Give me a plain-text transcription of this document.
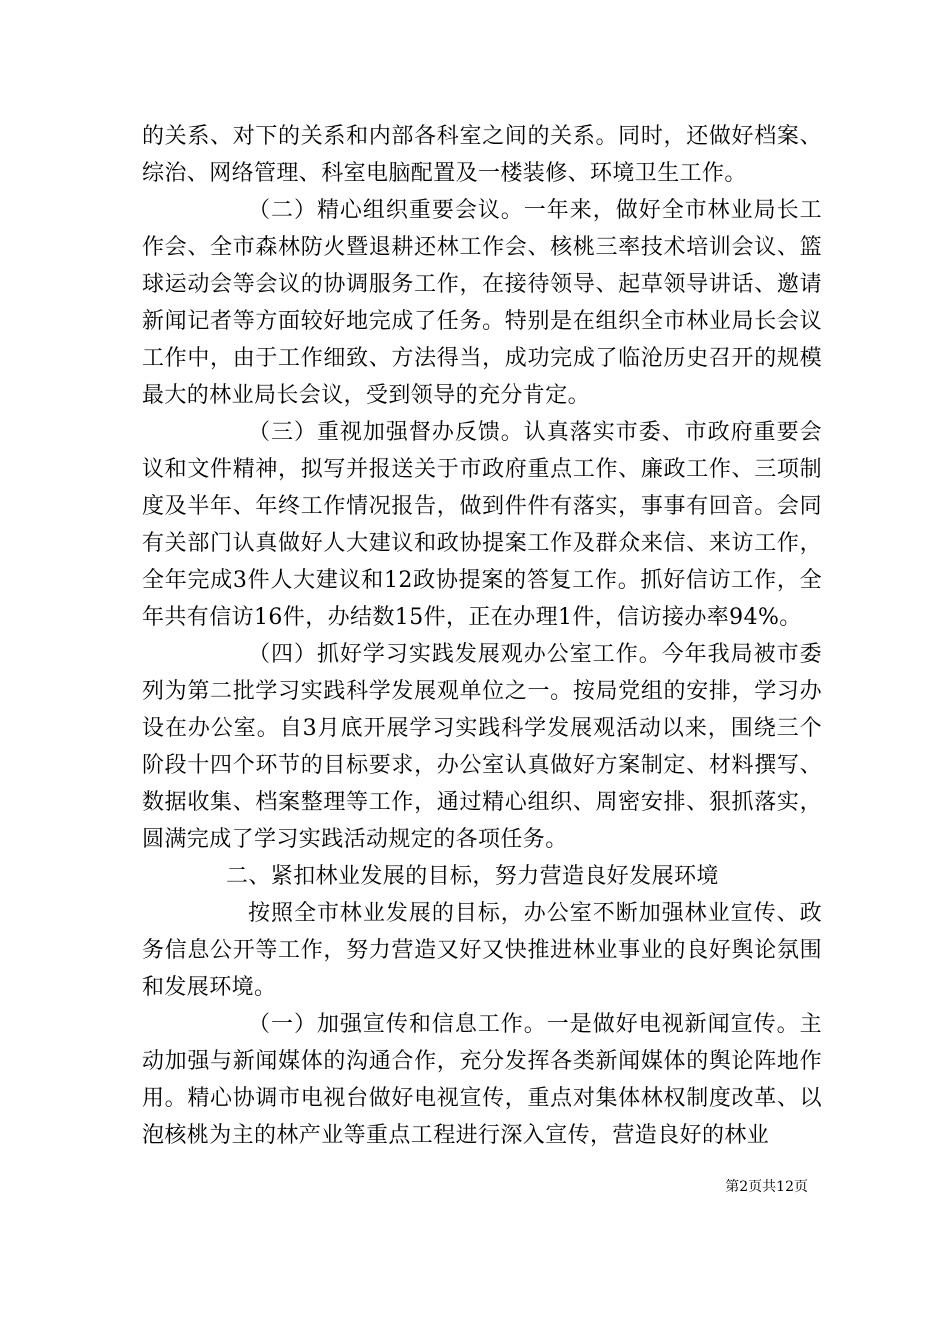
的关系、对下的关系和内部各科室之间的关系。同时，还做好档案、综治、网络管理、科室电脑配置及一楼装修、环境卫生工作。

（二）精心组织重要会议。一年来，做好全市林业局长工作会、全市森林防火暨退耕还林工作会、核桃三率技术培训会议、篮球运动会等会议的协调服务工作，在接待领导、起草领导讲话、邀请新闻记者等方面较好地完成了任务。特别是在组织全市林业局长会议工作中，由于工作细致、方法得当，成功完成了临沧历史召开的规模最大的林业局长会议，受到领导的充分肯定。

（三）重视加强督办反馈。认真落实市委、市政府重要会议和文件精神，拟写并报送关于市政府重点工作、廉政工作、三项制度及半年、年终工作情况报告，做到件件有落实，事事有回音。会同有关部门认真做好人大建议和政协提案工作及群众来信、来访工作，全年完成3件人大建议和12政协提案的答复工作。抓好信访工作，全年共有信访16件，办结数15件，正在办理1件，信访接办率94%。

（四）抓好学习实践发展观办公室工作。今年我局被市委列为第二批学习实践科学发展观单位之一。按局党组的安排，学习办设在办公室。自3月底开展学习实践科学发展观活动以来，围绕三个阶段十四个环节的目标要求，办公室认真做好方案制定、材料撰写、数据收集、档案整理等工作，通过精心组织、周密安排、狠抓落实，圆满完成了学习实践活动规定的各项任务。

二、紧扣林业发展的目标，努力营造良好发展环境

按照全市林业发展的目标，办公室不断加强林业宣传、政务信息公开等工作，努力营造又好又快推进林业事业的良好舆论氛围和发展环境。

（一）加强宣传和信息工作。一是做好电视新闻宣传。主动加强与新闻媒体的沟通合作，充分发挥各类新闻媒体的舆论阵地作用。精心协调市电视台做好电视宣传，重点对集体林权制度改革、以泡核桃为主的林产业等重点工程进行深入宣传，营造良好的林业

第2页共12页
